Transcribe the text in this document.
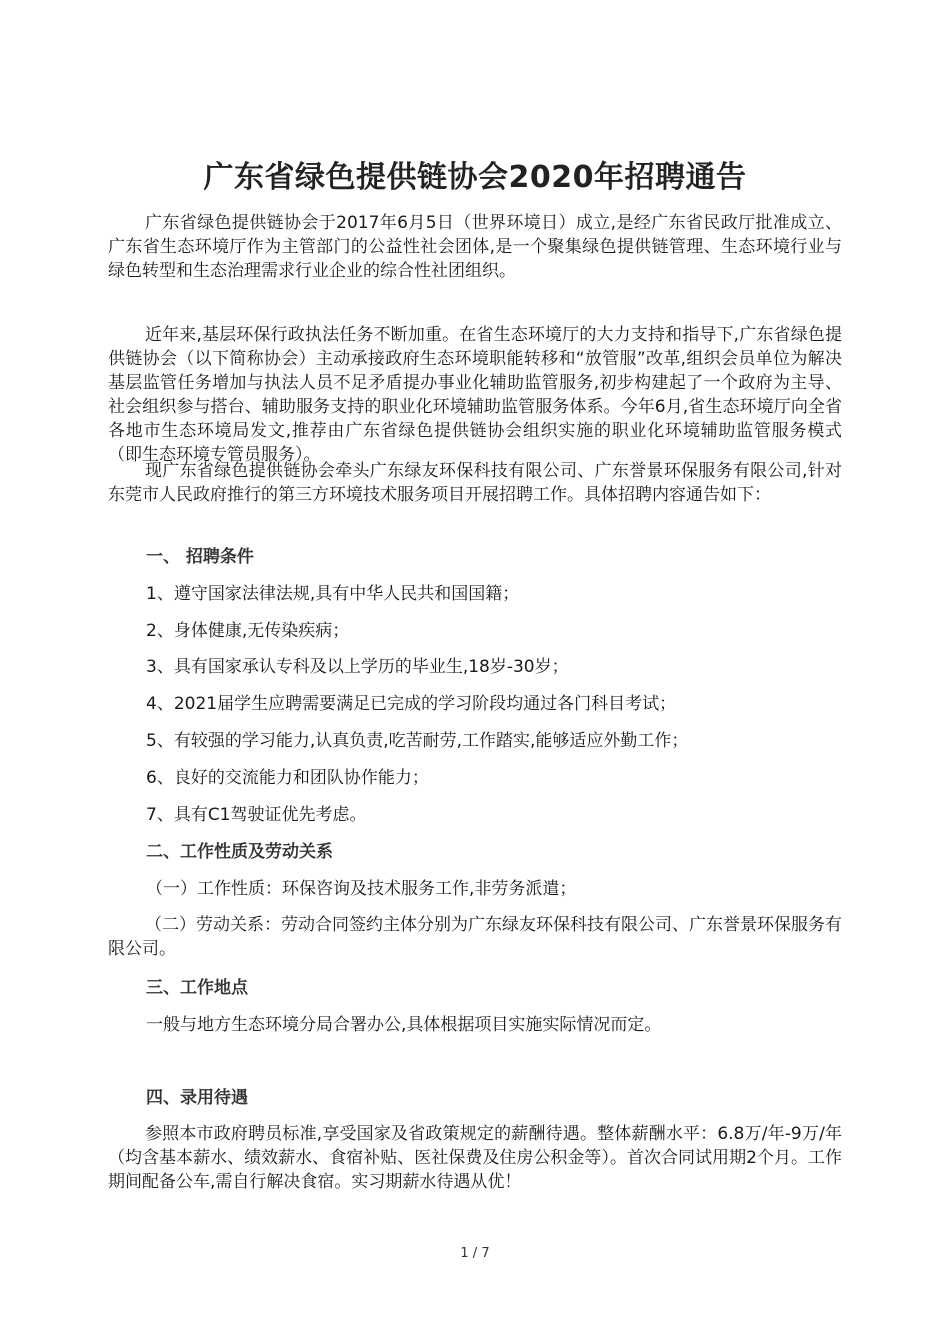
广东省绿色提供链协会2020年招聘通告

广东省绿色提供链协会于2017年6月5日（世界环境日）成立,是经广东省民政厅批准成立、广东省生态环境厅作为主管部门的公益性社会团体,是一个聚集绿色提供链管理、生态环境行业与绿色转型和生态治理需求行业企业的综合性社团组织。

近年来,基层环保行政执法任务不断加重。在省生态环境厅的大力支持和指导下,广东省绿色提供链协会（以下简称协会）主动承接政府生态环境职能转移和“放管服”改革,组织会员单位为解决基层监管任务增加与执法人员不足矛盾提办事业化辅助监管服务,初步构建起了一个政府为主导、社会组织参与搭台、辅助服务支持的职业化环境辅助监管服务体系。今年6月,省生态环境厅向全省各地市生态环境局发文,推荐由广东省绿色提供链协会组织实施的职业化环境辅助监管服务模式（即生态环境专管员服务）。

现广东省绿色提供链协会牵头广东绿友环保科技有限公司、广东誉景环保服务有限公司,针对东莞市人民政府推行的第三方环境技术服务项目开展招聘工作。具体招聘内容通告如下：

一、 招聘条件
1、遵守国家法律法规,具有中华人民共和国国籍；
2、身体健康,无传染疾病；
3、具有国家承认专科及以上学历的毕业生,18岁-30岁；
4、2021届学生应聘需要满足已完成的学习阶段均通过各门科目考试；
5、有较强的学习能力,认真负责,吃苦耐劳,工作踏实,能够适应外勤工作；
6、良好的交流能力和团队协作能力；
7、具有C1驾驶证优先考虑。
二、工作性质及劳动关系
（一）工作性质：环保咨询及技术服务工作,非劳务派遣；

（二）劳动关系：劳动合同签约主体分别为广东绿友环保科技有限公司、广东誉景环保服务有限公司。

三、工作地点
一般与地方生态环境分局合署办公,具体根据项目实施实际情况而定。
四、录用待遇

参照本市政府聘员标准,享受国家及省政策规定的薪酬待遇。整体薪酬水平：6.8万/年-9万/年（均含基本薪水、绩效薪水、食宿补贴、医社保费及住房公积金等）。首次合同试用期2个月。工作期间配备公车,需自行解决食宿。实习期薪水待遇从优！

1 / 7
